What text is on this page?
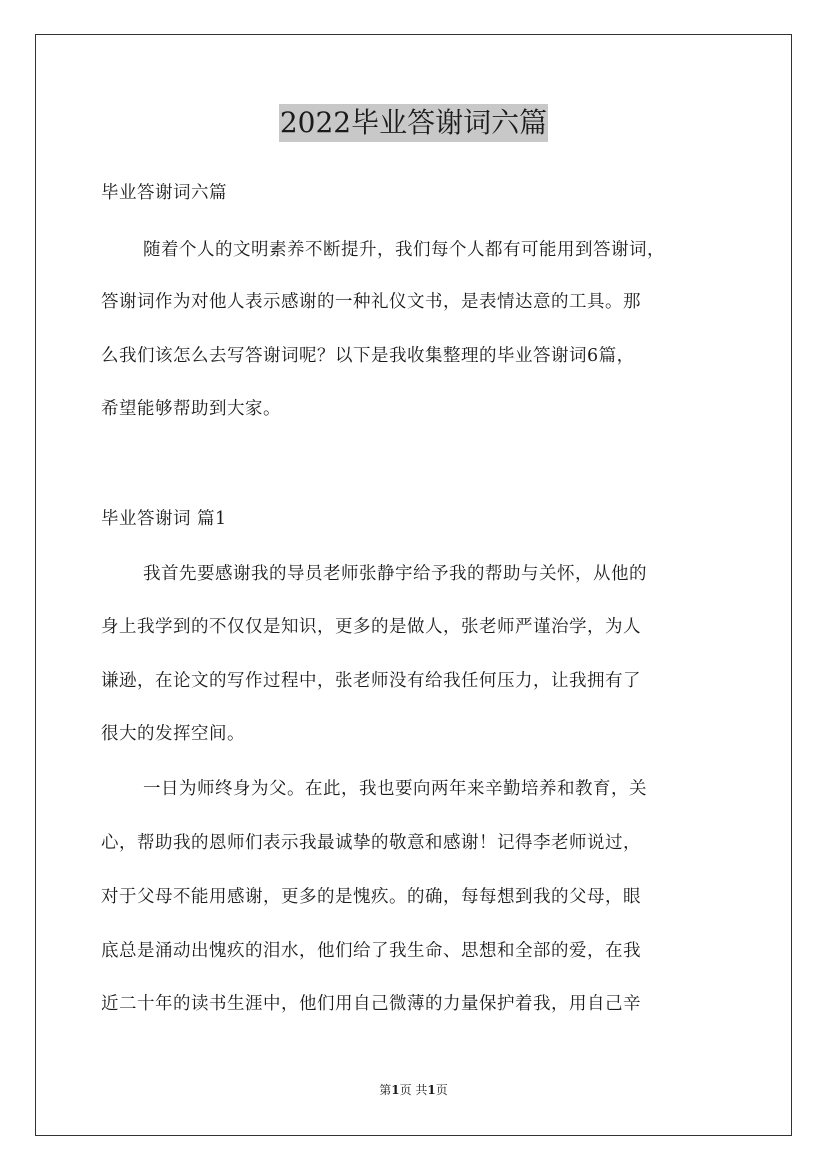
2022毕业答谢词六篇
毕业答谢词六篇
随着个人的文明素养不断提升，我们每个人都有可能用到答谢词，
答谢词作为对他人表示感谢的一种礼仪文书，是表情达意的工具。那
么我们该怎么去写答谢词呢？以下是我收集整理的毕业答谢词6篇，
希望能够帮助到大家。
毕业答谢词 篇1
我首先要感谢我的导员老师张静宇给予我的帮助与关怀，从他的
身上我学到的不仅仅是知识，更多的是做人，张老师严谨治学，为人
谦逊，在论文的写作过程中，张老师没有给我任何压力，让我拥有了
很大的发挥空间。
一日为师终身为父。在此，我也要向两年来辛勤培养和教育，关
心，帮助我的恩师们表示我最诚挚的敬意和感谢！记得李老师说过，
对于父母不能用感谢，更多的是愧疚。的确，每每想到我的父母，眼
底总是涌动出愧疚的泪水，他们给了我生命、思想和全部的爱，在我
近二十年的读书生涯中，他们用自己微薄的力量保护着我，用自己辛
第1页 共1页
